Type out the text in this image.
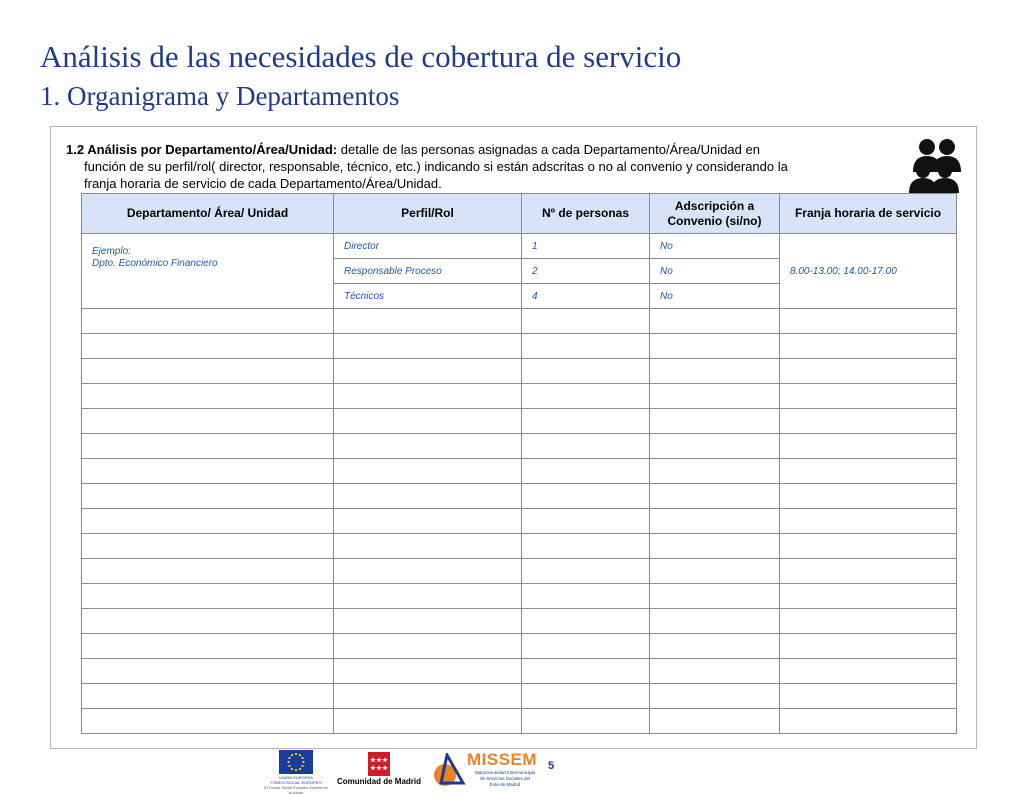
Análisis de las necesidades de cobertura de servicio
1. Organigrama y Departamentos
1.2 Análisis por Departamento/Área/Unidad: detalle de las personas asignadas a cada Departamento/Área/Unidad en
función de su perfil/rol( director, responsable, técnico, etc.) indicando si están adscritas o no al convenio y considerando la
franja horaria de servicio de cada Departamento/Área/Unidad.
Departamento/ Área/ Unidad	Perfil/Rol	Nº de personas	Adscripción a Convenio (si/no)	Franja horaria de servicio

Ejemplo:
Dpto. Económico Financiero	Director	1	No	8.00-13.00; 14.00-17.00
	Responsable Proceso	2	No	
	Técnicos	4	No	

UNIÓN EUROPEA
FONDO SOCIAL EUROPEO
El Fondo Social Europeo invierte en tu futuro
Comunidad de Madrid
MISSEM
Mancomunidad Intermunicipal
de Servicios Sociales del
Este de Madrid
5
